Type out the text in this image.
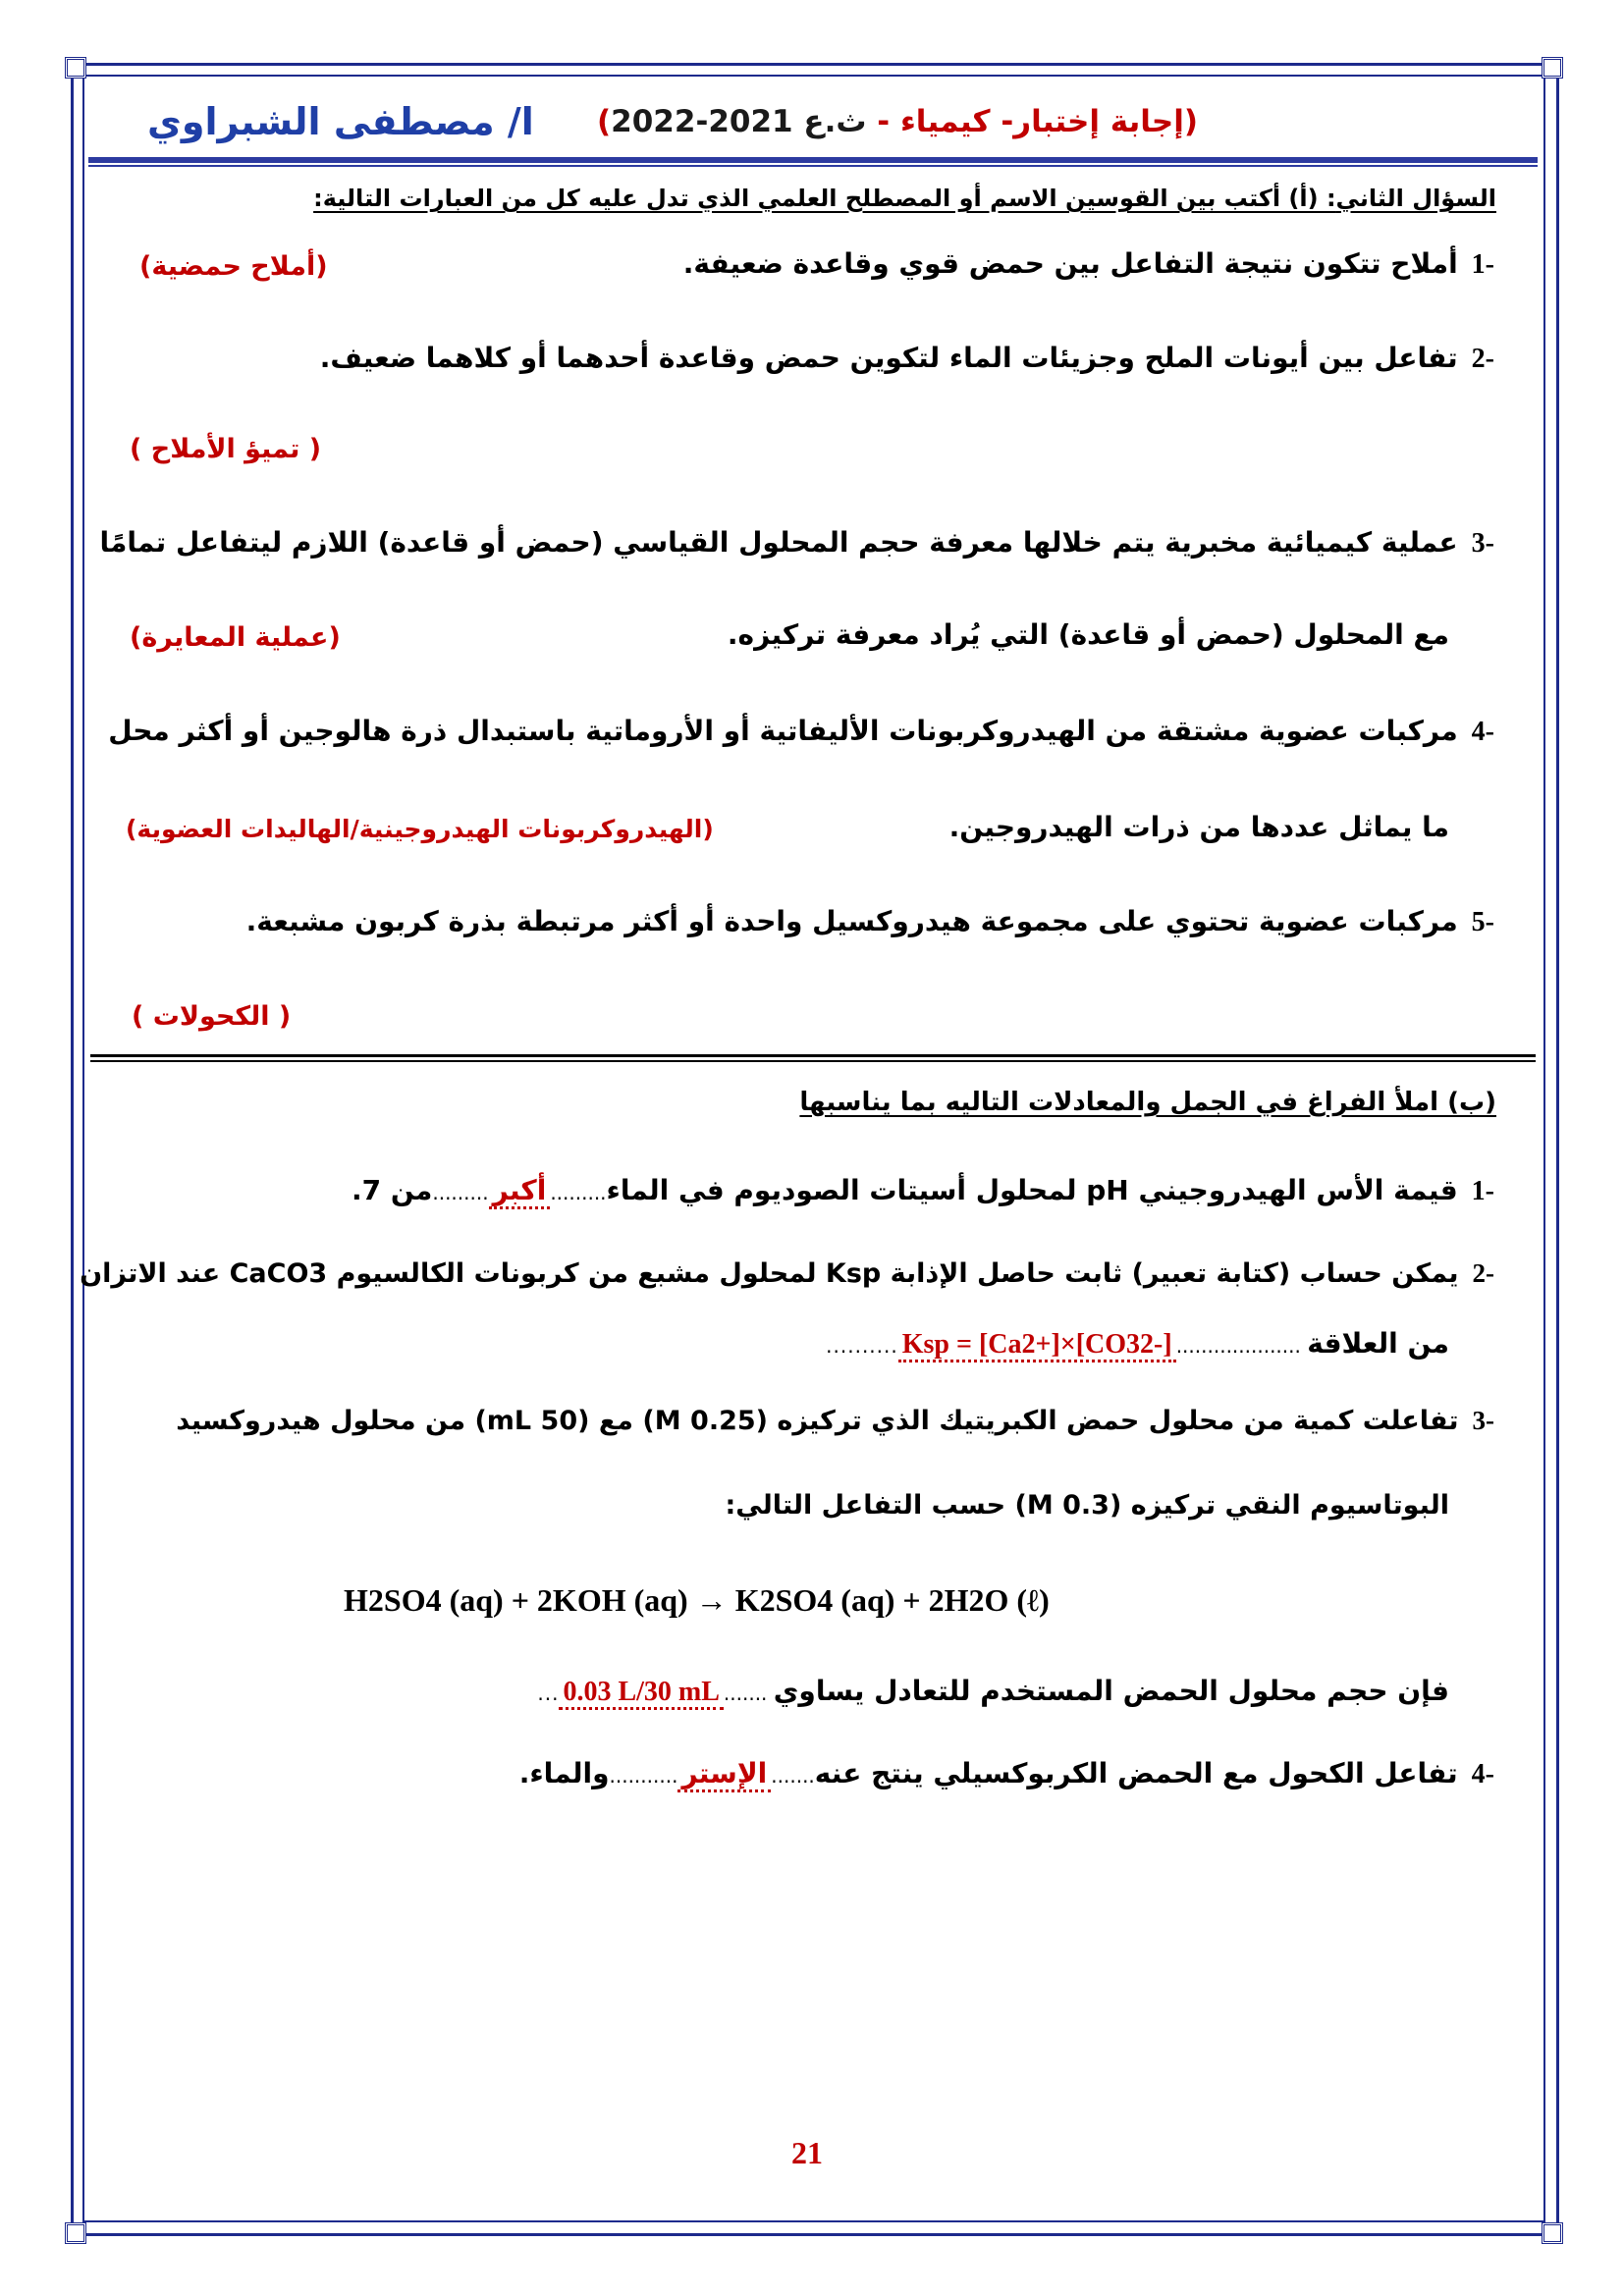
ا/ مصطفى الشبراوي	(إجابة إختبار- كيمياء - ث.ع 2021-2022)
السؤال الثاني: (أ) أكتب بين القوسين الاسم أو المصطلح العلمي الذي تدل عليه كل من العبارات التالية:
-1أملاح تتكون نتيجة التفاعل بين حمض قوي وقاعدة ضعيفة.
(أملاح حمضية)
-2تفاعل بين أيونات الملح وجزيئات الماء لتكوين حمض وقاعدة أحدهما أو كلاهما ضعيف.
( تميؤ الأملاح )
-3عملية كيميائية مخبرية يتم خلالها معرفة حجم المحلول القياسي (حمض أو قاعدة) اللازم ليتفاعل تمامًا
مع المحلول (حمض أو قاعدة) التي يُراد معرفة تركيزه.
(عملية المعايرة)
-4مركبات عضوية مشتقة من الهيدروكربونات الأليفاتية أو الأروماتية باستبدال ذرة هالوجين أو أكثر محل
ما يماثل عددها من ذرات الهيدروجين.
(الهيدروكربونات الهيدروجينية/الهاليدات العضوية)
-5مركبات عضوية تحتوي على مجموعة هيدروكسيل واحدة أو أكثر مرتبطة بذرة كربون مشبعة.
( الكحولات )
(ب) املأ الفراغ في الجمل والمعادلات التاليه بما يناسبها
-1قيمة الأس الهيدروجيني pH لمحلول أسيتات الصوديوم في الماء.........أكبر.........من 7.
-2يمكن حساب (كتابة تعبير) ثابت حاصل الإذابة Ksp لمحلول مشبع من كربونات الكالسيوم CaCO3 عند الاتزان
من العلاقة ....................Ksp = [Ca2+]×[CO32-]..........
-3تفاعلت كمية من محلول حمض الكبريتيك الذي تركيزه (0.25 M) مع (50 mL) من محلول هيدروكسيد
البوتاسيوم النقي تركيزه (0.3 M) حسب التفاعل التالي:
H2SO4 (aq) + 2KOH (aq) → K2SO4 (aq) + 2H2O (ℓ)
فإن حجم محلول الحمض المستخدم للتعادل يساوي .......0.03 L/30 mL...
-4تفاعل الكحول مع الحمض الكربوكسيلي ينتج عنه.......الإستر...........والماء.
21
